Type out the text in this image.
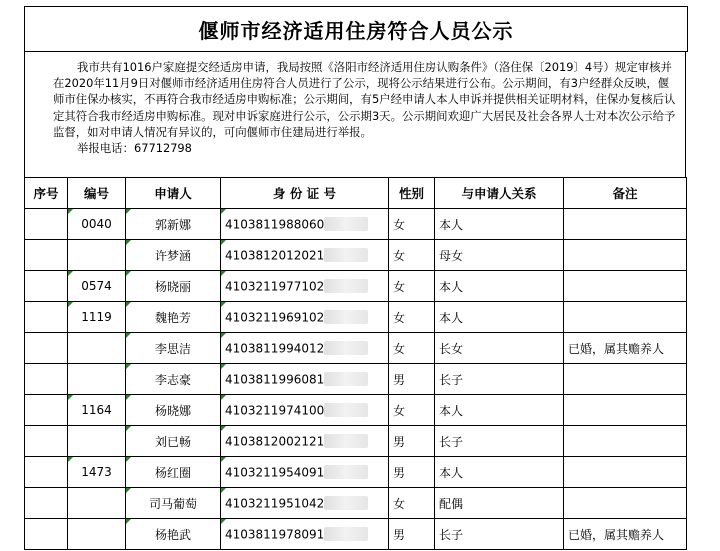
偃师市经济适用住房符合人员公示

我市共有1016户家庭提交经适房申请，我局按照《洛阳市经济适用住房认购条件》（洛住保〔2019〕4号）规定审核并在2020年11月9日对偃师市经济适用住房符合人员进行了公示，现将公示结果进行公布。公示期间，有3户经群众反映，偃师市住保办核实，不再符合我市经适房申购标准；公示期间，有5户经申请人本人申诉并提供相关证明材料，住保办复核后认定其符合我市经适房申购标准。现对申诉家庭进行公示，公示期3天。公示期间欢迎广大居民及社会各界人士对本次公示给予监督，如对申请人情况有异议的，可向偃师市住建局进行举报。

举报电话：67712798
序号	编号	申请人	身 份 证 号	性别	与申请人关系	备注
	0040	郭新娜	4103811988060	女	本人	
		许梦涵	4103812012021	女	母女	
	0574	杨晓丽	4103211977102	女	本人	
	1119	魏艳芳	4103211969102	女	本人	
		李思洁	4103811994012	女	长女	已婚，属其赡养人
		李志豪	4103811996081	男	长子	
	1164	杨晓娜	4103211974100	女	本人	
		刘已畅	4103812002121	男	长子	
	1473	杨红圈	4103211954091	男	本人	
		司马葡萄	4103211951042	女	配偶	
		杨艳武	4103811978091	男	长子	已婚，属其赡养人
